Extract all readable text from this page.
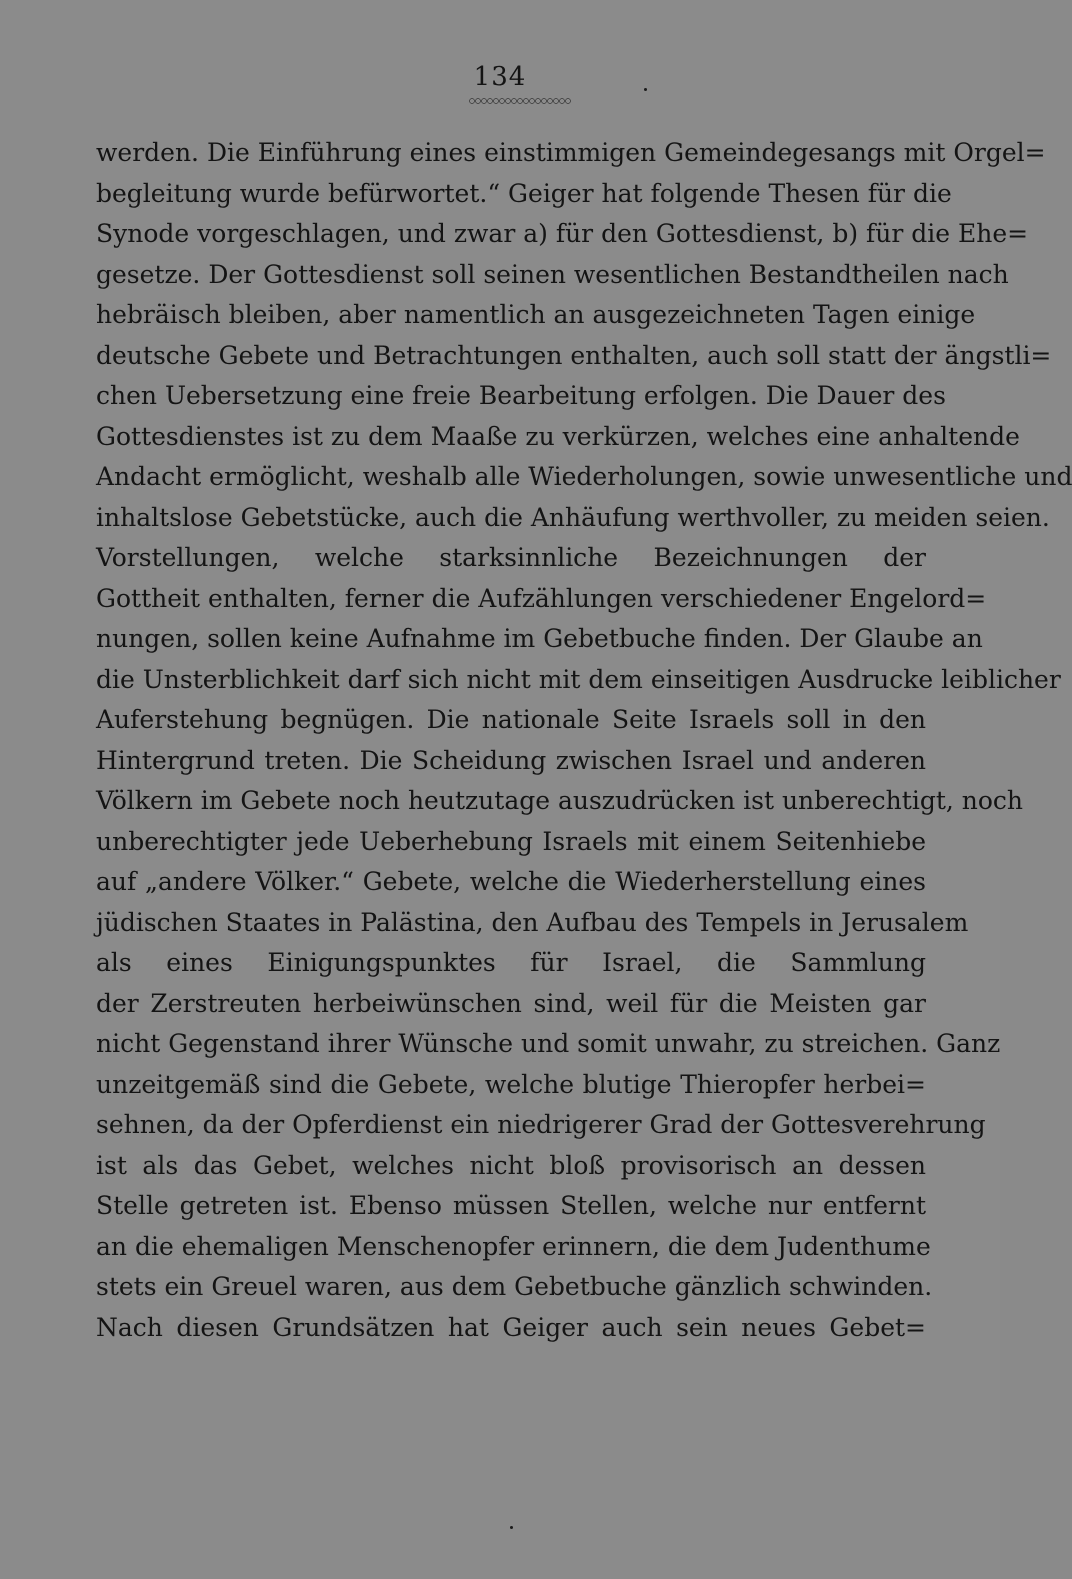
134
werden. Die Einführung eines einstimmigen Gemeindegesangs mit Orgel=
begleitung wurde befürwortet.“ Geiger hat folgende Thesen für die
Synode vorgeschlagen, und zwar a) für den Gottesdienst, b) für die Ehe=
gesetze. Der Gottesdienst soll seinen wesentlichen Bestandtheilen nach
hebräisch bleiben, aber namentlich an ausgezeichneten Tagen einige
deutsche Gebete und Betrachtungen enthalten, auch soll statt der ängstli=
chen Uebersetzung eine freie Bearbeitung erfolgen. Die Dauer des
Gottesdienstes ist zu dem Maaße zu verkürzen, welches eine anhaltende
Andacht ermöglicht, weshalb alle Wiederholungen, sowie unwesentliche und
inhaltslose Gebetstücke, auch die Anhäufung werthvoller, zu meiden seien.
Vorstellungen, welche starksinnliche Bezeichnungen der
Gottheit enthalten, ferner die Aufzählungen verschiedener Engelord=
nungen, sollen keine Aufnahme im Gebetbuche finden. Der Glaube an
die Unsterblichkeit darf sich nicht mit dem einseitigen Ausdrucke leiblicher
Auferstehung begnügen. Die nationale Seite Israels soll in den
Hintergrund treten. Die Scheidung zwischen Israel und anderen
Völkern im Gebete noch heutzutage auszudrücken ist unberechtigt, noch
unberechtigter jede Ueberhebung Israels mit einem Seitenhiebe
auf „andere Völker.“ Gebete, welche die Wiederherstellung eines
jüdischen Staates in Palästina, den Aufbau des Tempels in Jerusalem
als eines Einigungspunktes für Israel, die Sammlung
der Zerstreuten herbeiwünschen sind, weil für die Meisten gar
nicht Gegenstand ihrer Wünsche und somit unwahr, zu streichen. Ganz
unzeitgemäß sind die Gebete, welche blutige Thieropfer herbei=
sehnen, da der Opferdienst ein niedrigerer Grad der Gottesverehrung
ist als das Gebet, welches nicht bloß provisorisch an dessen
Stelle getreten ist. Ebenso müssen Stellen, welche nur entfernt
an die ehemaligen Menschenopfer erinnern, die dem Judenthume
stets ein Greuel waren, aus dem Gebetbuche gänzlich schwinden.
Nach diesen Grundsätzen hat Geiger auch sein neues Gebet=
